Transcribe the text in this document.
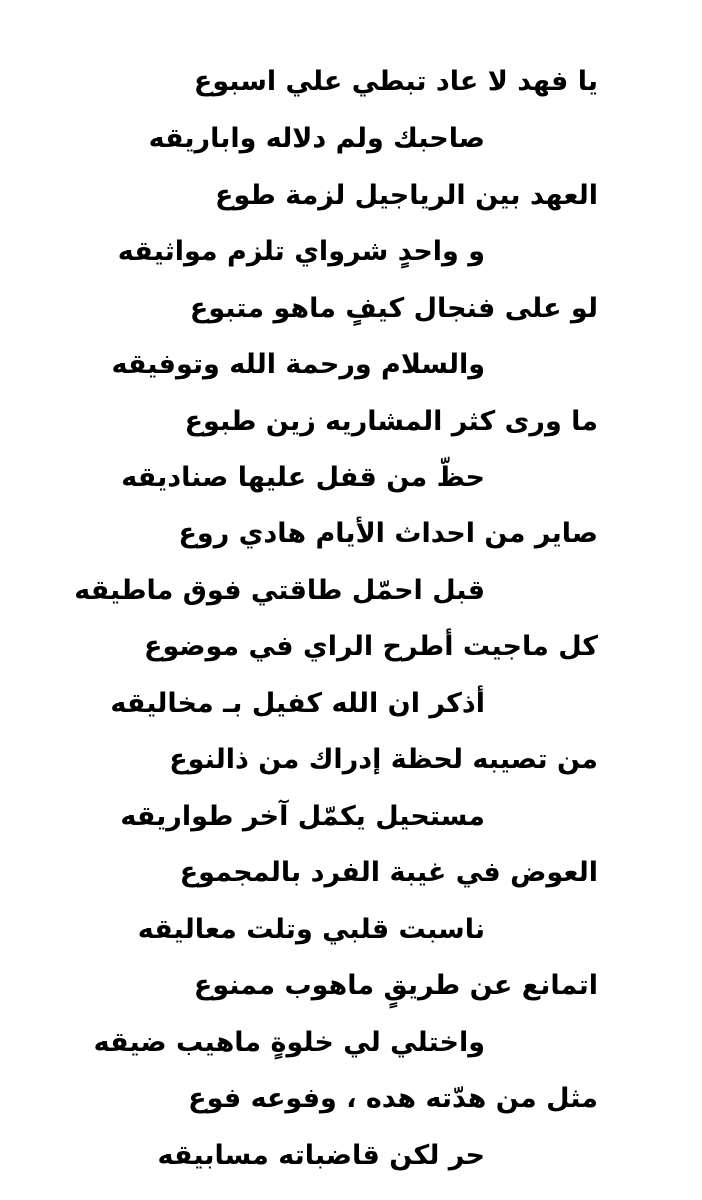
يا فهد لا عاد تبطي علي اسبوع
صاحبك ولم دلاله واباريقه
العهد بين الرياجيل لزمة طوع
و واحدٍ شرواي تلزم مواثيقه
لو على فنجال كيفٍ ماهو متبوع
والسلام ورحمة الله وتوفيقه
ما ورى كثر المشاريه زين طبوع
حظّ من قفل عليها صناديقه
صاير من احداث الأيام هادي روع
قبل احمّل طاقتي فوق ماطيقه
كل ماجيت أطرح الراي في موضوع
أذكر ان الله كفيل بـ مخاليقه
من تصيبه لحظة إدراك من ذالنوع
مستحيل يكمّل آخر طواريقه
العوض في غيبة الفرد بالمجموع
ناسبت قلبي وتلت معاليقه
اتمانع عن طريقٍ ماهوب ممنوع
واختلي لي خلوةٍ ماهيب ضيقه
مثل من هدّته هده ، وفوعه فوع
حر لكن قاضباته مسابيقه
